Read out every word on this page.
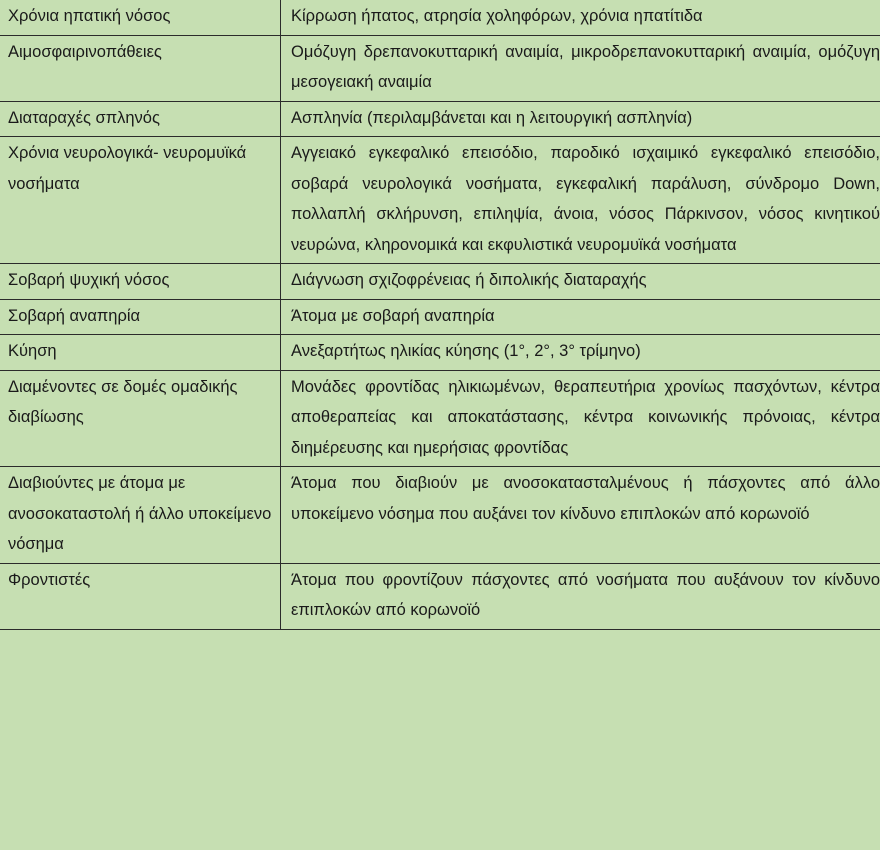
Χρόνια ηπατική νόσος	Κίρρωση ήπατος, ατρησία χοληφόρων, χρόνια ηπατίτιδα
Αιμοσφαιρινοπάθειες	Ομόζυγη δρεπανοκυτταρική αναιμία, μικροδρεπανοκυτταρική αναιμία, ομόζυγη μεσογειακή αναιμία
Διαταραχές σπληνός	Ασπληνία (περιλαμβάνεται και η λειτουργική ασπληνία)
Χρόνια νευρολογικά- νευρομυϊκά νοσήματα	Αγγειακό εγκεφαλικό επεισόδιο, παροδικό ισχαιμικό εγκεφαλικό επεισόδιο, σοβαρά νευρολογικά νοσήματα, εγκεφαλική παράλυση, σύνδρομο Down, πολλαπλή σκλήρυνση, επιληψία, άνοια, νόσος Πάρκινσον, νόσος κινητικού νευρώνα, κληρονομικά και εκφυλιστικά νευρομυϊκά νοσήματα
Σοβαρή ψυχική νόσος	Διάγνωση σχιζοφρένειας ή διπολικής διαταραχής
Σοβαρή αναπηρία	Άτομα με σοβαρή αναπηρία
Κύηση	Ανεξαρτήτως ηλικίας κύησης (1°, 2°, 3° τρίμηνο)
Διαμένοντες σε δομές ομαδικής διαβίωσης	Μονάδες φροντίδας ηλικιωμένων, θεραπευτήρια χρονίως πασχόντων, κέντρα αποθεραπείας και αποκατάστασης, κέντρα κοινωνικής πρόνοιας, κέντρα διημέρευσης και ημερήσιας φροντίδας
Διαβιούντες με άτομα με ανοσοκαταστολή ή άλλο υποκείμενο νόσημα	Άτομα που διαβιούν με ανοσοκατασταλμένους ή πάσχοντες από άλλο υποκείμενο νόσημα που αυξάνει τον κίνδυνο επιπλοκών από κορωνοϊό
Φροντιστές	Άτομα που φροντίζουν πάσχοντες από νοσήματα που αυξάνουν τον κίνδυνο επιπλοκών από κορωνοϊό
